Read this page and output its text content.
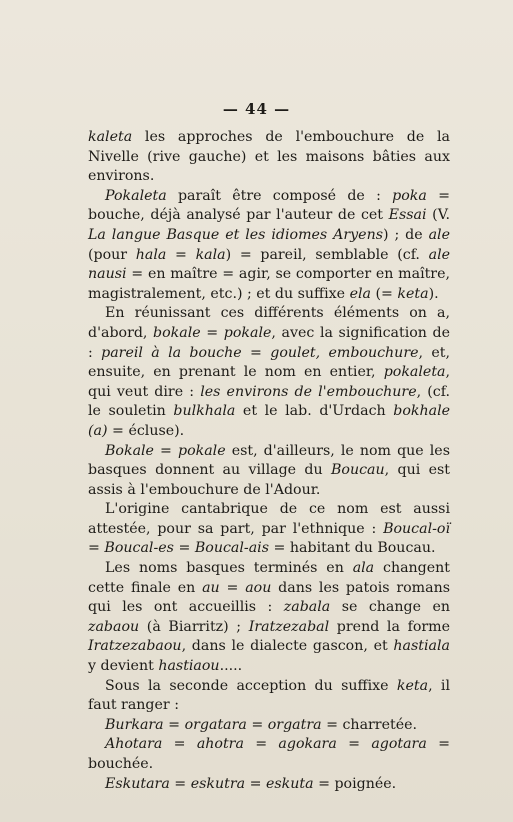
— 44 —

kaleta les approches de l'embouchure de la Nivelle (rive gauche) et les maisons bâties aux environs.

Pokaleta paraît être composé de : poka = bouche, déjà analysé par l'auteur de cet Essai (V. La langue Basque et les idiomes Aryens) ; de ale (pour hala = kala) = pareil, semblable (cf. ale nausi = en maître = agir, se comporter en maître, magistralement, etc.) ; et du suffixe ela (= keta).

En réunissant ces différents éléments on a, d'abord, bokale = pokale, avec la signification de : pareil à la bouche = goulet, embouchure, et, ensuite, en prenant le nom en entier, pokaleta, qui veut dire : les environs de l'embouchure, (cf. le souletin bulkhala et le lab. d'Urdach bokhale (a) = écluse).

Bokale = pokale est, d'ailleurs, le nom que les basques donnent au village du Boucau, qui est assis à l'embouchure de l'Adour.

L'origine cantabrique de ce nom est aussi attestée, pour sa part, par l'ethnique : Boucal-oï = Boucal-es = Boucal-ais = habitant du Boucau.

Les noms basques terminés en ala changent cette finale en au = aou dans les patois romans qui les ont accueillis : zabala se change en zabaou (à Biarritz) ; Iratzezabal prend la forme Iratzezabaou, dans le dialecte gascon, et hastiala y devient hastiaou.....

Sous la seconde acception du suffixe keta, il faut ranger :

Burkara = orgatara = orgatra = charretée.

Ahotara = ahotra = agokara = agotara = bouchée.

Eskutara = eskutra = eskuta = poignée.
